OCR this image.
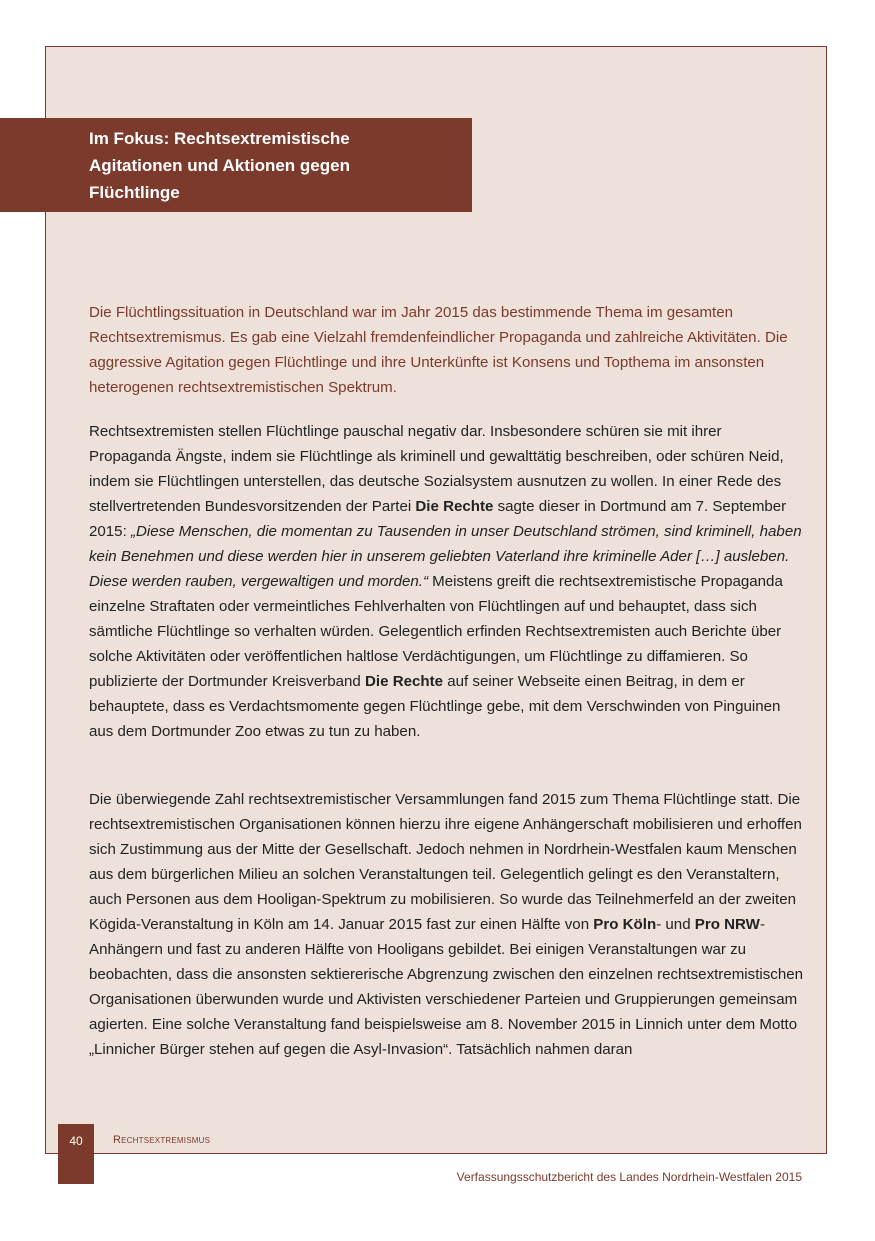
Im Fokus: Rechtsextremistische
Agitationen und Aktionen gegen
Flüchtlinge

Die Flüchtlingssituation in Deutschland war im Jahr 2015 das bestimmende Thema im gesamten Rechtsextremismus. Es gab eine Vielzahl fremdenfeindlicher Propaganda und zahlreiche Aktivitäten. Die aggressive Agitation gegen Flüchtlinge und ihre Unterkünfte ist Konsens und Topthema im ansonsten heterogenen rechtsextremistischen Spektrum.

Rechtsextremisten stellen Flüchtlinge pauschal negativ dar. Insbesondere schüren sie mit ihrer Propaganda Ängste, indem sie Flüchtlinge als kriminell und gewalttätig beschreiben, oder schüren Neid, indem sie Flüchtlingen unterstellen, das deutsche Sozialsystem ausnutzen zu wollen. In einer Rede des stellvertretenden Bundesvorsitzenden der Partei Die Rechte sagte dieser in Dortmund am 7. September 2015: „Diese Menschen, die momentan zu Tausenden in unser Deutschland strömen, sind kriminell, haben kein Benehmen und diese werden hier in unserem geliebten Vaterland ihre kriminelle Ader […] ausleben. Diese werden rauben, vergewaltigen und morden.“ Meistens greift die rechtsextremistische Propaganda einzelne Straftaten oder vermeintliches Fehlverhalten von Flüchtlingen auf und behauptet, dass sich sämtliche Flüchtlinge so verhalten würden. Gelegentlich erfinden Rechtsextremisten auch Berichte über solche Aktivitäten oder veröffentlichen haltlose Verdächtigungen, um Flüchtlinge zu diffamieren. So publizierte der Dortmunder Kreisverband Die Rechte auf seiner Webseite einen Beitrag, in dem er behauptete, dass es Verdachtsmomente gegen Flüchtlinge gebe, mit dem Verschwinden von Pinguinen aus dem Dortmunder Zoo etwas zu tun zu haben.

Die überwiegende Zahl rechtsextremistischer Versammlungen fand 2015 zum Thema Flüchtlinge statt. Die rechtsextremistischen Organisationen können hierzu ihre eigene Anhängerschaft mobilisieren und erhoffen sich Zustimmung aus der Mitte der Gesellschaft. Jedoch nehmen in Nordrhein-Westfalen kaum Menschen aus dem bürgerlichen Milieu an solchen Veranstaltungen teil. Gelegentlich gelingt es den Veranstaltern, auch Personen aus dem Hooligan-Spektrum zu mobilisieren. So wurde das Teilnehmerfeld an der zweiten Kögida-Veranstaltung in Köln am 14. Januar 2015 fast zur einen Hälfte von Pro Köln- und Pro NRW-Anhängern und fast zu anderen Hälfte von Hooligans gebildet. Bei einigen Veranstaltungen war zu beobachten, dass die ansonsten sektiererische Abgrenzung zwischen den einzelnen rechtsextremistischen Organisationen überwunden wurde und Aktivisten verschiedener Parteien und Gruppierungen gemeinsam agierten. Eine solche Veranstaltung fand beispielsweise am 8. November 2015 in Linnich unter dem Motto „Linnicher Bürger stehen auf gegen die Asyl-Invasion“. Tatsächlich nahmen daran

40	Rechtsextremismus
Verfassungsschutzbericht des Landes Nordrhein-Westfalen 2015
